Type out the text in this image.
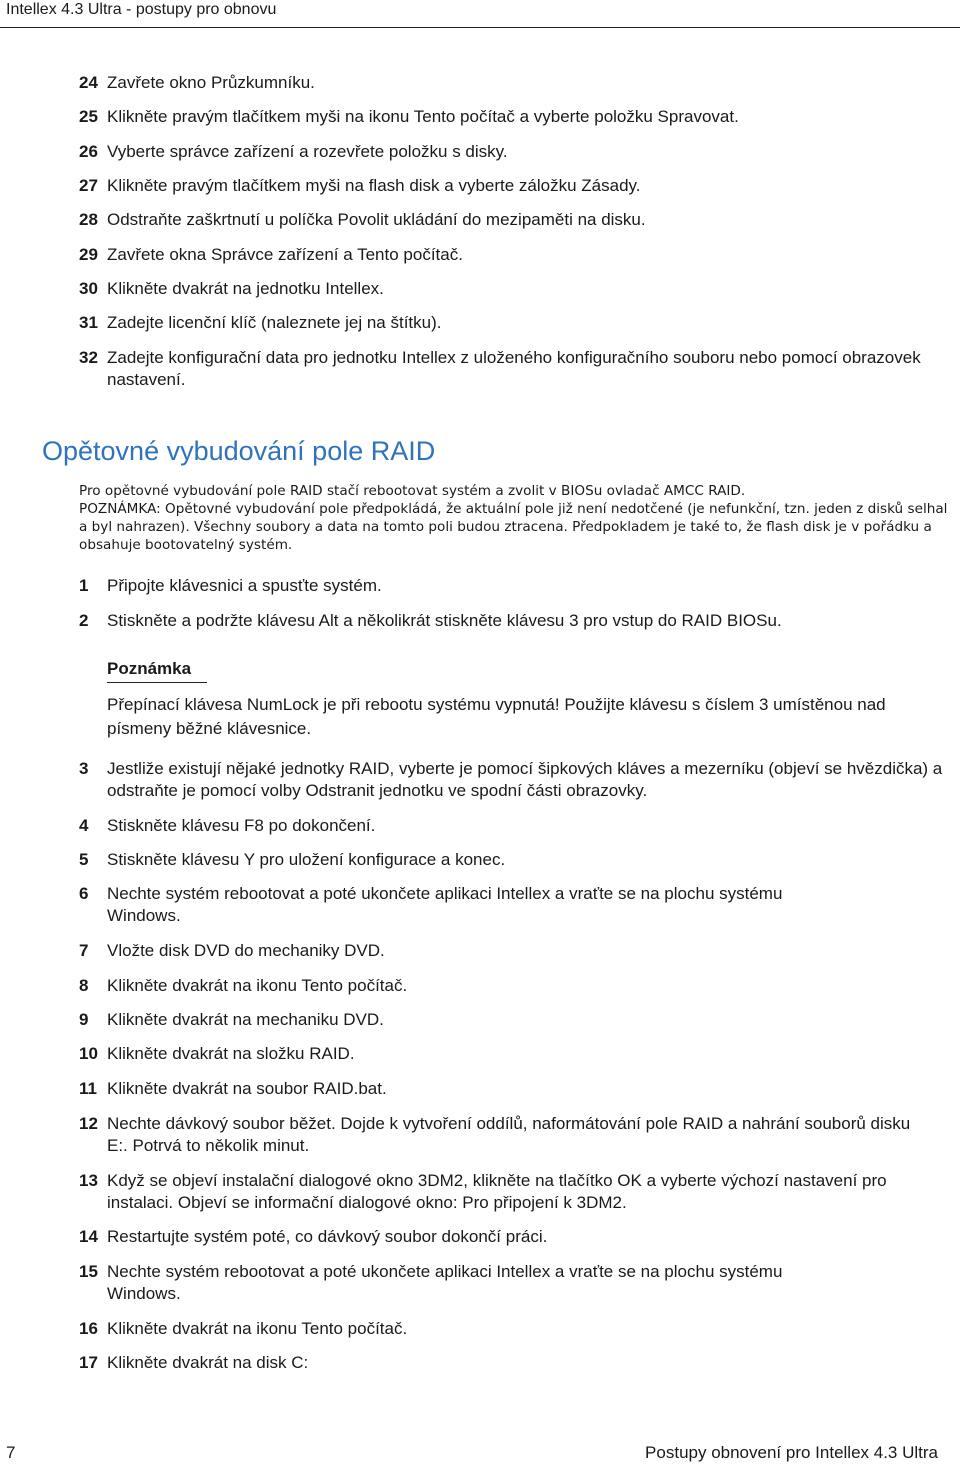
Intellex 4.3 Ultra - postupy pro obnovu
24 Zavřete okno Průzkumníku.
25 Klikněte pravým tlačítkem myši na ikonu Tento počítač a vyberte položku Spravovat.
26 Vyberte správce zařízení a rozevřete položku s disky.
27 Klikněte pravým tlačítkem myši na flash disk a vyberte záložku Zásady.
28 Odstraňte zaškrtnutí u políčka Povolit ukládání do mezipaměti na disku.
29 Zavřete okna Správce zařízení a Tento počítač.
30 Klikněte dvakrát na jednotku Intellex.
31 Zadejte licenční klíč (naleznete jej na štítku).
32 Zadejte konfigurační data pro jednotku Intellex z uloženého konfiguračního souboru nebo pomocí obrazovek nastavení.
Opětovné vybudování pole RAID

Pro opětovné vybudování pole RAID stačí rebootovat systém a zvolit v BIOSu ovladač AMCC RAID.

POZNÁMKA: Opětovné vybudování pole předpokládá, že aktuální pole již není nedotčené (je nefunkční, tzn. jeden z disků selhal a byl nahrazen). Všechny soubory a data na tomto poli budou ztracena. Předpokladem je také to, že flash disk je v pořádku a obsahuje bootovatelný systém.

1 Připojte klávesnici a spusťte systém.
2 Stiskněte a podržte klávesu Alt a několikrát stiskněte klávesu 3 pro vstup do RAID BIOSu.
Poznámka
Přepínací klávesa NumLock je při rebootu systému vypnutá! Použijte klávesu s číslem 3 umístěnou nad písmeny běžné klávesnice.
3 Jestliže existují nějaké jednotky RAID, vyberte je pomocí šipkových kláves a mezerníku (objeví se hvězdička) a odstraňte je pomocí volby Odstranit jednotku ve spodní části obrazovky.
4 Stiskněte klávesu F8 po dokončení.
5 Stiskněte klávesu Y pro uložení konfigurace a konec.
6 Nechte systém rebootovat a poté ukončete aplikaci Intellex a vraťte se na plochu systému Windows.
7 Vložte disk DVD do mechaniky DVD.
8 Klikněte dvakrát na ikonu Tento počítač.
9 Klikněte dvakrát na mechaniku DVD.
10 Klikněte dvakrát na složku RAID.
11 Klikněte dvakrát na soubor RAID.bat.
12 Nechte dávkový soubor běžet. Dojde k vytvoření oddílů, naformátování pole RAID a nahrání souborů disku E:. Potrvá to několik minut.
13 Když se objeví instalační dialogové okno 3DM2, klikněte na tlačítko OK a vyberte výchozí nastavení pro instalaci. Objeví se informační dialogové okno: Pro připojení k 3DM2.
14 Restartujte systém poté, co dávkový soubor dokončí práci.
15 Nechte systém rebootovat a poté ukončete aplikaci Intellex a vraťte se na plochu systému Windows.
16 Klikněte dvakrát na ikonu Tento počítač.
17 Klikněte dvakrát na disk C:
7	Postupy obnovení pro Intellex 4.3 Ultra
